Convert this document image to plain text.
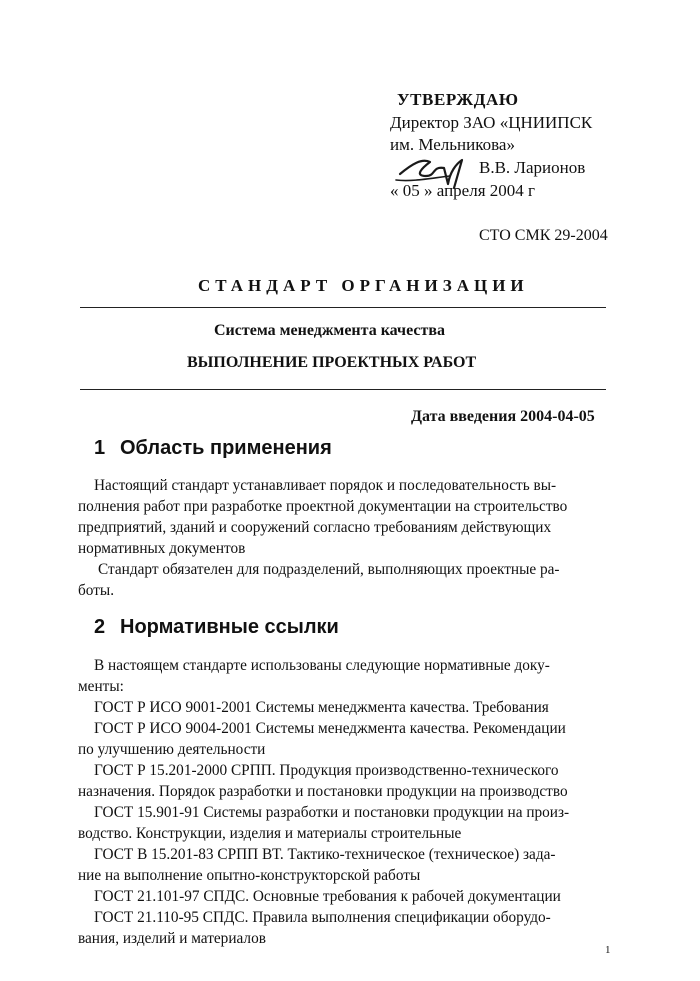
УТВЕРЖДАЮ
Директор ЗАО «ЦНИИПСК
им. Мельникова»
В.В. Ларионов
« 05 » апреля 2004 г
СТО СМК 29-2004
СТАНДАРТ ОРГАНИЗАЦИИ
Система менеджмента качества
ВЫПОЛНЕНИЕ ПРОЕКТНЫХ РАБОТ
Дата введения 2004-04-05
1 Область применения
Настоящий стандарт устанавливает порядок и последовательность вы-
полнения работ при разработке проектной документации на строительство
предприятий, зданий и сооружений согласно требованиям действующих
нормативных документов
Стандарт обязателен для подразделений, выполняющих проектные ра-
боты.
2 Нормативные ссылки
В настоящем стандарте использованы следующие нормативные доку-
менты:
ГОСТ Р ИСО 9001-2001 Системы менеджмента качества. Требования
ГОСТ Р ИСО 9004-2001 Системы менеджмента качества. Рекомендации
по улучшению деятельности
ГОСТ Р 15.201-2000 СРПП. Продукция производственно-технического
назначения. Порядок разработки и постановки продукции на производство
ГОСТ 15.901-91 Системы разработки и постановки продукции на произ-
водство. Конструкции, изделия и материалы строительные
ГОСТ В 15.201-83 СРПП ВТ. Тактико-техническое (техническое) зада-
ние на выполнение опытно-конструкторской работы
ГОСТ 21.101-97 СПДС. Основные требования к рабочей документации
ГОСТ 21.110-95 СПДС. Правила выполнения спецификации оборудо-
вания, изделий и материалов
1
